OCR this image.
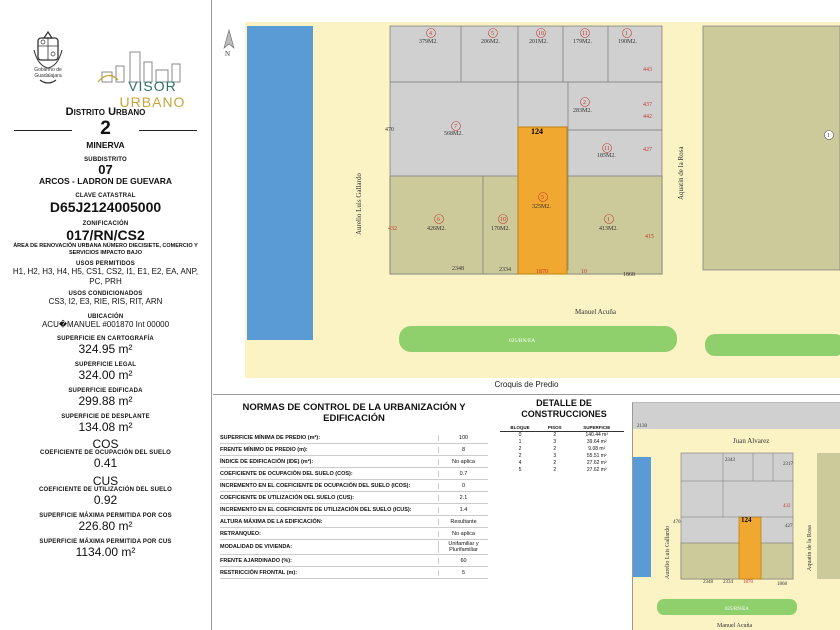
Gobierno de Guadalajara
VISOR URBANO
Distrito Urbano
2
MINERVA
SUBDISTRITO
07
ARCOS - LADRON DE GUEVARA
CLAVE CATASTRAL
D65J2124005000
ZONIFICACIÓN
017/RN/CS2
ÁREA DE RENOVACIÓN URBANA NÚMERO DIECISIETE, COMERCIO Y SERVICIOS IMPACTO BAJO
USOS PERMITIDOS
H1, H2, H3, H4, H5, CS1, CS2, I1, E1, E2, EA, ANP, PC, PRH
USOS CONDICIONADOS
CS3, I2, E3, RIE, RIS, RIT, ARN
UBICACIÓN
ACU�MANUEL #001870 Int 00000
SUPERFICIE EN CARTOGRAFÍA
324.95 m²
SUPERFICIE LEGAL
324.00 m²
SUPERFICIE EDIFICADA
299.88 m²
SUPERFICIE DE DESPLANTE
134.08 m²
COS
COEFICIENTE DE OCUPACIÓN DEL SUELO
0.41
CUS
COEFICIENTE DE UTILIZACIÓN DEL SUELO
0.92
SUPERFICIE MÁXIMA PERMITIDA POR COS
226.80 m²
SUPERFICIE MÁXIMA PERMITIDA POR CUS
1134.00 m²
124
379M2.	206M2.	201M2.	179M2.	190M2.
568M2.
283M2.
185M2.
325M2.
426M2.	170M2.	413M2.
4	5	10	11	1
7
2
11
5
6	10	1
1
443
437
442
427
415
432
470
2348	2334	1870	10	1868
Aurelio Luis Gallardo	Aquatín de la Rosa
Manuel Acuña
025/RN/EA
N
Croquis de Predio
NORMAS DE CONTROL DE LA URBANIZACIÓN Y EDIFICACIÓN
SUPERFICIE MÍNIMA DE PREDIO (m²):	100
FRENTE MÍNIMO DE PREDIO (m):	8
ÍNDICE DE EDIFICACIÓN (IDE) (m²):	No aplica
COEFICIENTE DE OCUPACIÓN DEL SUELO (COS):	0.7
INCREMENTO EN EL COEFICIENTE DE OCUPACIÓN DEL SUELO (ICOS):	0
COEFICIENTE DE UTILIZACIÓN DEL SUELO (CUS):	2.1
INCREMENTO EN EL COEFICIENTE DE UTILIZACIÓN DEL SUELO (ICUS):	1.4
ALTURA MÁXIMA DE LA EDIFICACIÓN:	Resultante
RETRANQUEO:	No aplica
MODALIDAD DE VIVIENDA:	Unifamiliar y Plurifamiliar
FRENTE AJARDINADO (%):	60
RESTRICCIÓN FRONTAL (m):	5
DETALLE DE CONSTRUCCIONES
BLOQUE	PISOS	SUPERFICIE
0	2	140.44 m²
1	3	39.64 m²
2	2	9.08 m²
2	3	55.51 m²
4	2	27.62 m²
5	2	27.62 m²
124
Juan Alvarez
Aurelio Luis Gallardo	Aquatín de la Rosa
Manuel Acuña
025/RN/EA
2130
2343
2317
470
432
427
2348 2334 1870	1868
